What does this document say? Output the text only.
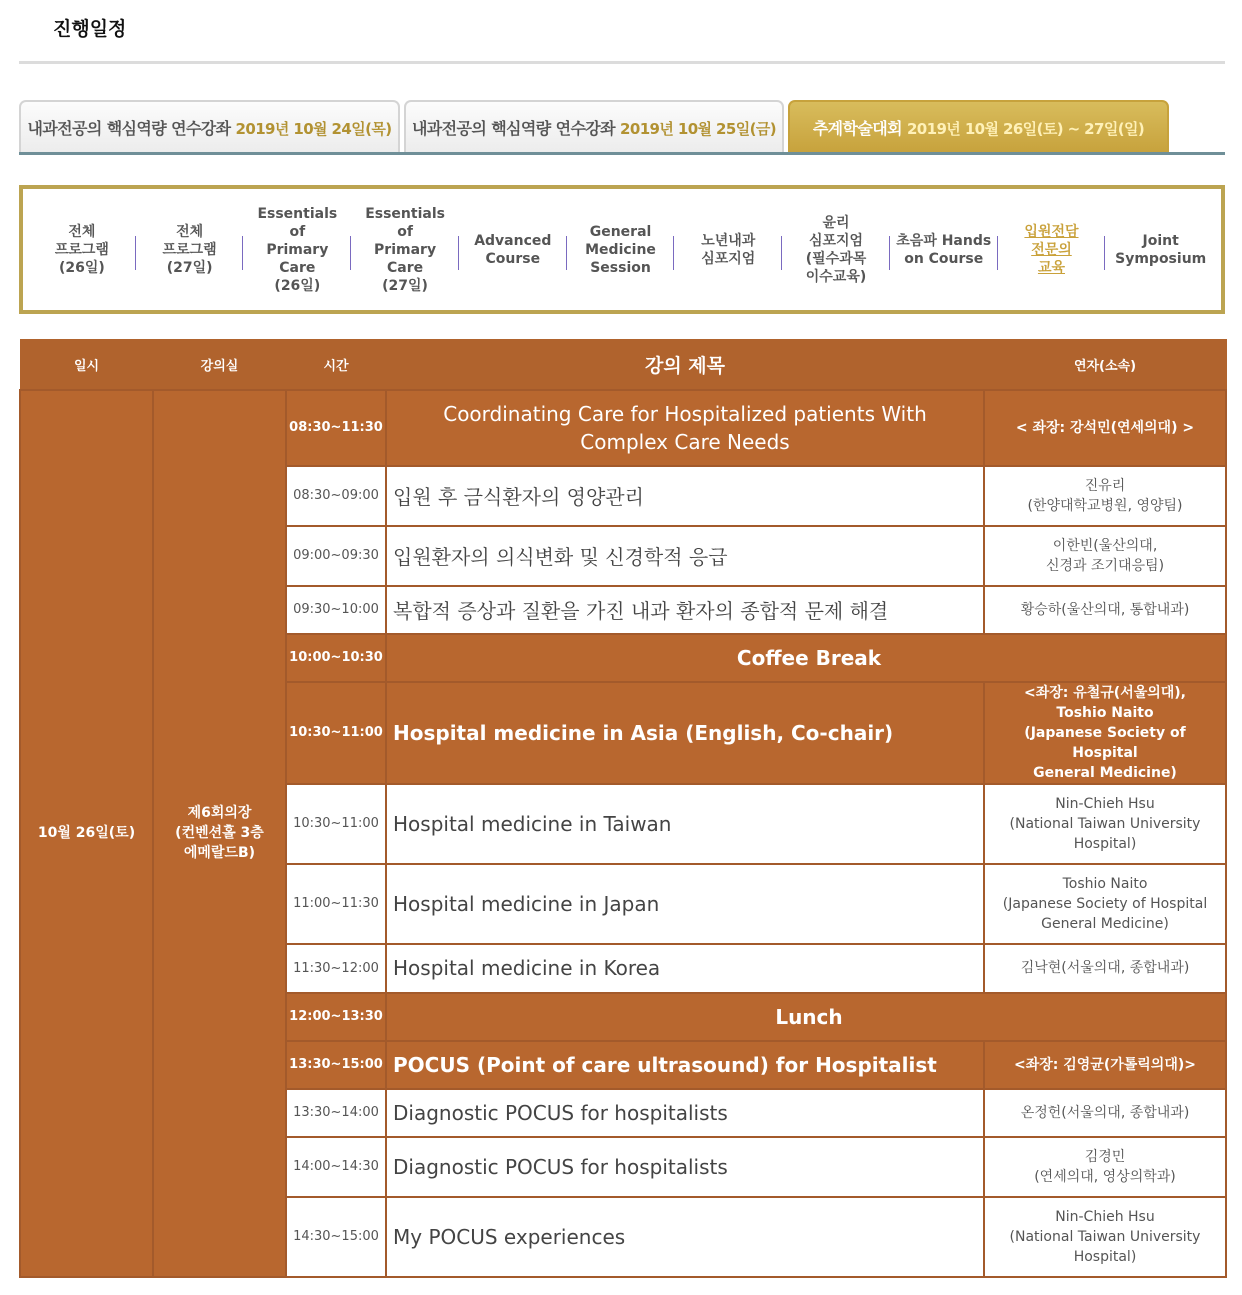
진행일정
내과전공의 핵심역량 연수강좌 2019년 10월 24일(목)	내과전공의 핵심역량 연수강좌 2019년 10월 25일(금)	추계학술대회 2019년 10월 26일(토) ~ 27일(일)
전체
프로그램
(26일)
전체
프로그램
(27일)
Essentials
of
Primary
Care
(26일)
Essentials
of
Primary
Care
(27일)
Advanced
Course
General
Medicine
Session
노년내과
심포지엄
윤리
심포지엄
(필수과목
이수교육)
초음파 Hands
on Course
입원전담
전문의
교육
Joint
Symposium
일시	강의실	시간	강의 제목	연자(소속)
10월 26일(토)	제6회의장
(컨벤션홀 3층
에메랄드B)	08:30~11:30	Coordinating Care for Hospitalized patients With Complex Care Needs	< 좌장: 강석민(연세의대) >
		08:30~09:00	입원 후 금식환자의 영양관리	진유리
(한양대학교병원, 영양팀)
		09:00~09:30	입원환자의 의식변화 및 신경학적 응급	이한빈(울산의대,
신경과 조기대응팀)
		09:30~10:00	복합적 증상과 질환을 가진 내과 환자의 종합적 문제 해결	황승하(울산의대, 통합내과)
		10:00~10:30	Coffee Break	
		10:30~11:00	Hospital medicine in Asia (English, Co-chair)	<좌장: 유철규(서울의대),
Toshio Naito
(Japanese Society of Hospital
General Medicine)
		10:30~11:00	Hospital medicine in Taiwan	Nin-Chieh Hsu
(National Taiwan University
Hospital)
		11:00~11:30	Hospital medicine in Japan	Toshio Naito
(Japanese Society of Hospital
General Medicine)
		11:30~12:00	Hospital medicine in Korea	김낙현(서울의대, 종합내과)
		12:00~13:30	Lunch	
		13:30~15:00	POCUS (Point of care ultrasound) for Hospitalist	<좌장: 김영균(가톨릭의대)>
		13:30~14:00	Diagnostic POCUS for hospitalists	온정헌(서울의대, 종합내과)
		14:00~14:30	Diagnostic POCUS for hospitalists	김경민
(연세의대, 영상의학과)
		14:30~15:00	My POCUS experiences	Nin-Chieh Hsu
(National Taiwan University
Hospital)
